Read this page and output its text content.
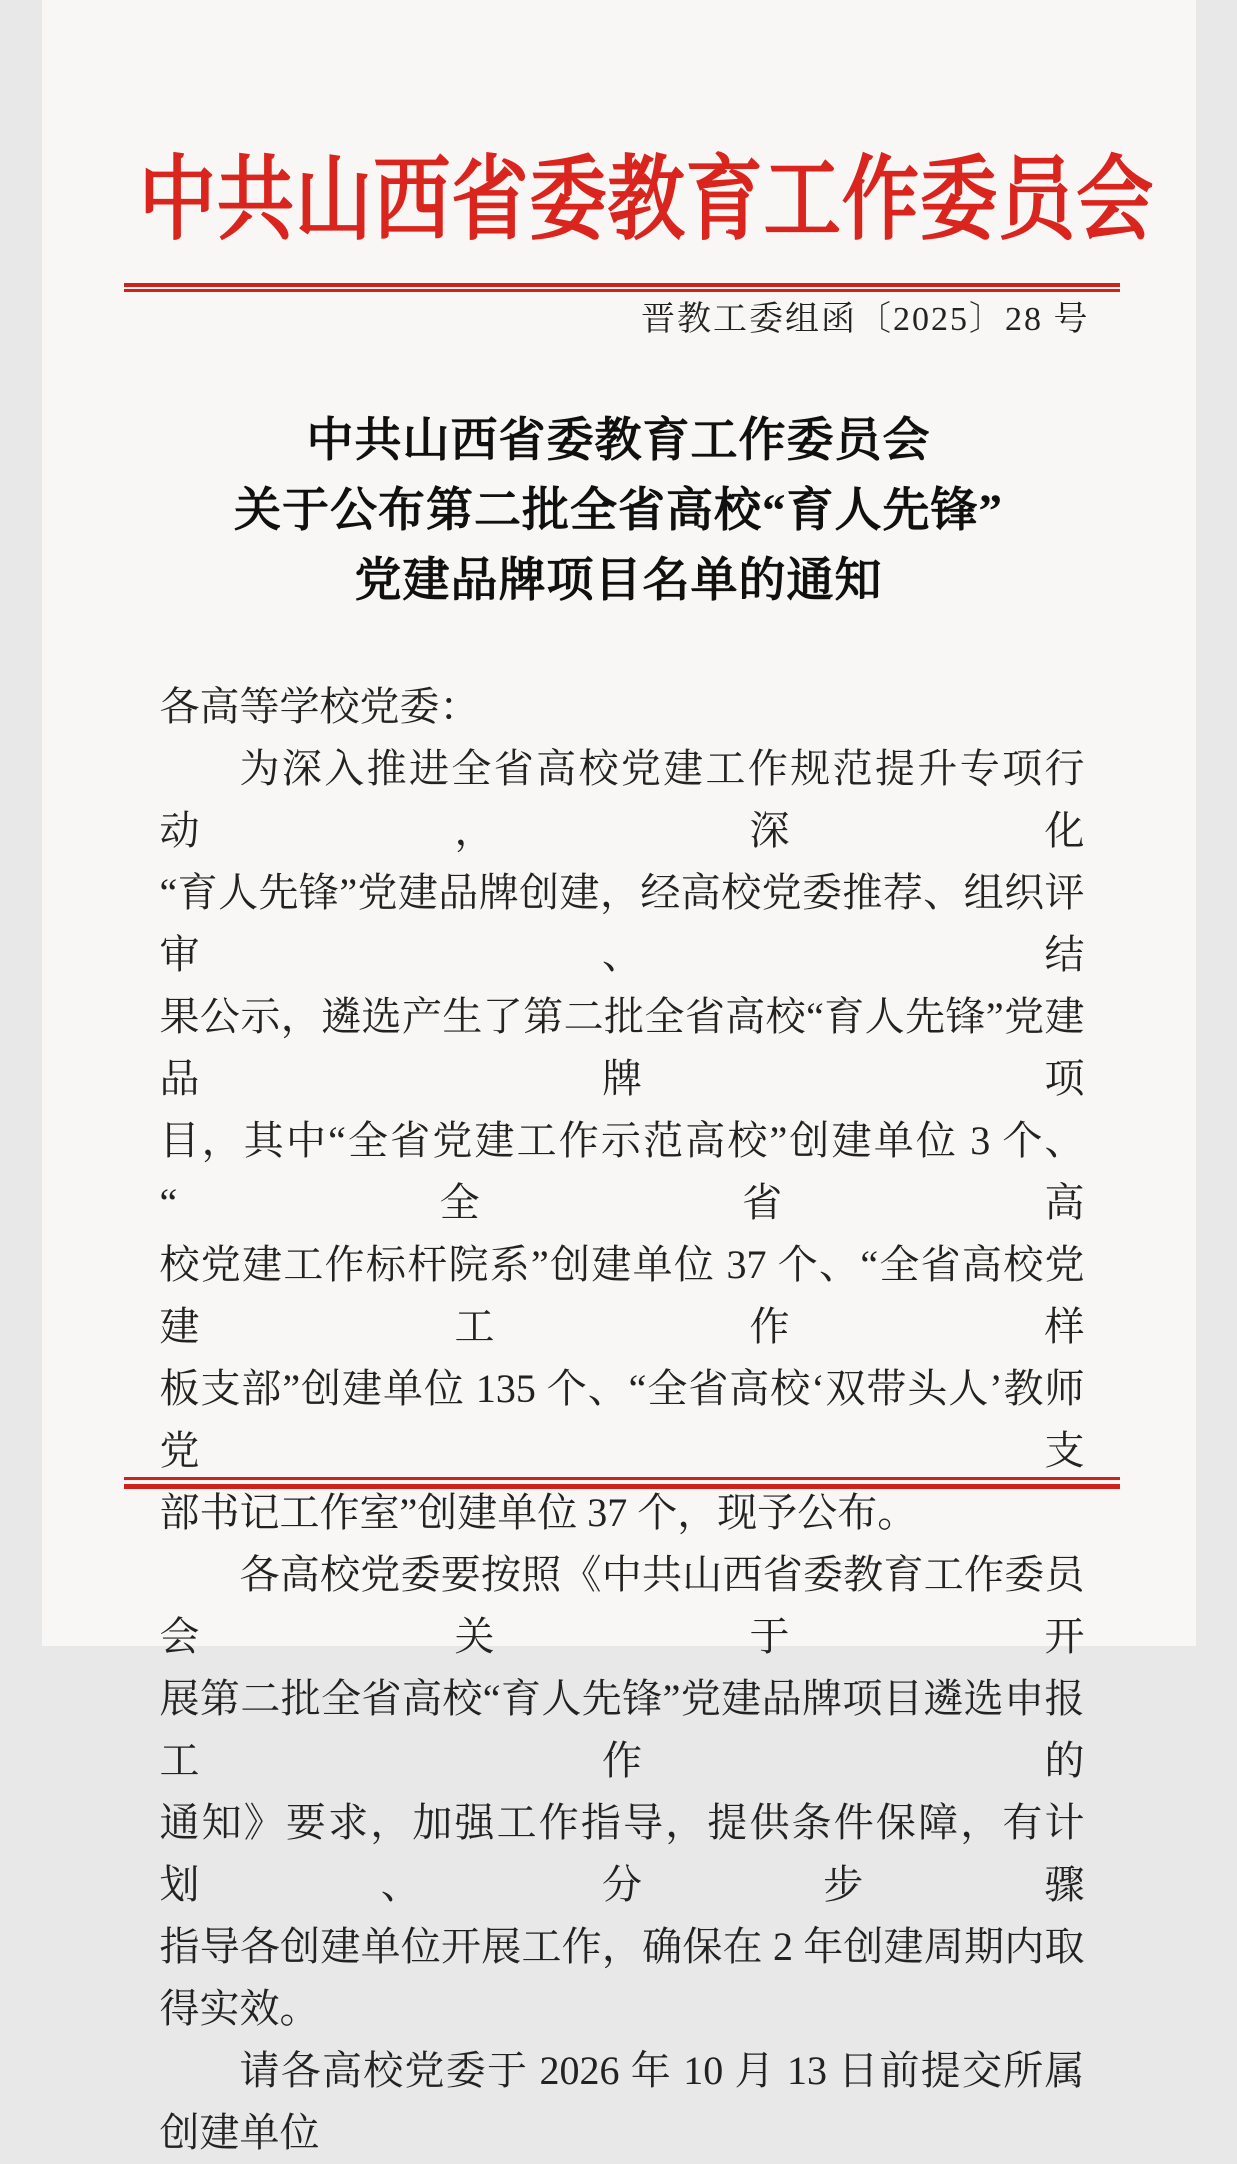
中共山西省委教育工作委员会
晋教工委组函〔2025〕28 号
中共山西省委教育工作委员会
关于公布第二批全省高校“育人先锋”
党建品牌项目名单的通知
各高等学校党委：
为深入推进全省高校党建工作规范提升专项行动，深化
“育人先锋”党建品牌创建，经高校党委推荐、组织评审、结
果公示，遴选产生了第二批全省高校“育人先锋”党建品牌项
目，其中“全省党建工作示范高校”创建单位 3 个、“全省高
校党建工作标杆院系”创建单位 37 个、“全省高校党建工作样
板支部”创建单位 135 个、“全省高校‘双带头人’教师党支
部书记工作室”创建单位 37 个，现予公布。
各高校党委要按照《中共山西省委教育工作委员会关于开
展第二批全省高校“育人先锋”党建品牌项目遴选申报工作的
通知》要求，加强工作指导，提供条件保障，有计划、分步骤
指导各创建单位开展工作，确保在 2 年创建周期内取得实效。
请各高校党委于 2026 年 10 月 13 日前提交所属创建单位
